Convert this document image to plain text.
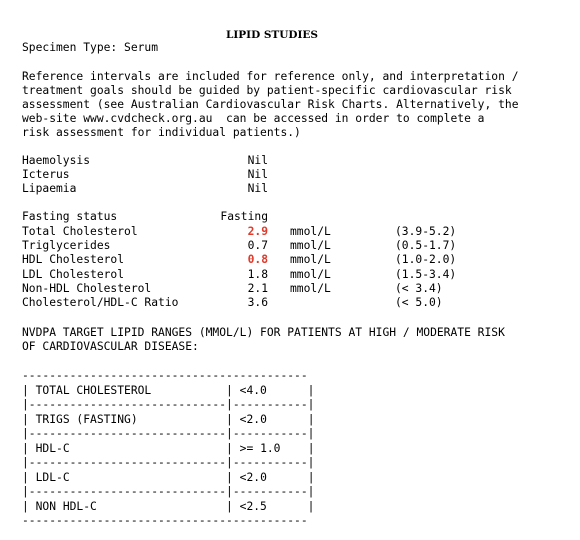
LIPID STUDIES
Specimen Type: Serum
Reference intervals are included for reference only, and interpretation /
treatment goals should be guided by patient-specific cardiovascular risk
assessment (see Australian Cardiovascular Risk Charts. Alternatively, the
web-site www.cvdcheck.org.au  can be accessed in order to complete a
risk assessment for individual patients.)
Haemolysis	Nil
Icterus	Nil
Lipaemia	Nil
Fasting status	Fasting
Total Cholesterol	2.9 mmol/L	(3.9-5.2)
Triglycerides	0.7 mmol/L	(0.5-1.7)
HDL Cholesterol	0.8 mmol/L	(1.0-2.0)
LDL Cholesterol	1.8 mmol/L	(1.5-3.4)
Non-HDL Cholesterol	2.1 mmol/L	(< 3.4)
Cholesterol/HDL-C Ratio	3.6	(< 5.0)
NVDPA TARGET LIPID RANGES (MMOL/L) FOR PATIENTS AT HIGH / MODERATE RISK
OF CARDIOVASCULAR DISEASE:
------------------------------------------
| TOTAL CHOLESTEROL           | <4.0      |
|-----------------------------|-----------|
| TRIGS (FASTING)             | <2.0      |
|-----------------------------|-----------|
| HDL-C                       | >= 1.0    |
|-----------------------------|-----------|
| LDL-C                       | <2.0      |
|-----------------------------|-----------|
| NON HDL-C                   | <2.5      |
------------------------------------------
